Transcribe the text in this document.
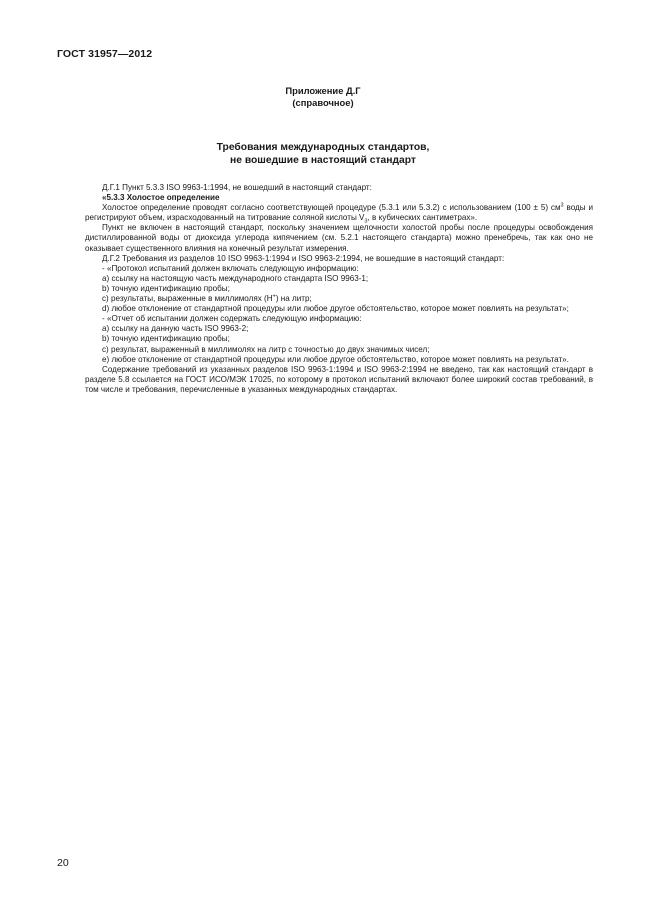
ГОСТ 31957—2012
Приложение Д.Г
(справочное)
Требования международных стандартов,
не вошедшие в настоящий стандарт

Д.Г.1 Пункт 5.3.3 ISO 9963-1:1994, не вошедший в настоящий стандарт:

«5.3.3 Холостое определение

Холостое определение проводят согласно соответствующей процедуре (5.3.1 или 5.3.2) с использованием (100 ± 5) $см^3$ воды и регистрируют объем, израсходованный на титрование соляной кислоты $V_3$, в кубических сантиметрах».

Пункт не включен в настоящий стандарт, поскольку значением щелочности холостой пробы после процедуры освобождения дистиллированной воды от диоксида углерода кипячением (см. 5.2.1 настоящего стандарта) можно пренебречь, так как оно не оказывает существенного влияния на конечный результат измерения.

Д.Г.2 Требования из разделов 10 ISO 9963-1:1994 и ISO 9963-2:1994, не вошедшие в настоящий стандарт:

- «Протокол испытаний должен включать следующую информацию:

а) ссылку на настоящую часть международного стандарта ISO 9963-1;

b) точную идентификацию пробы;

c) результаты, выраженные в миллимолях (Н+) на литр;

d) любое отклонение от стандартной процедуры или любое другое обстоятельство, которое может повлиять на результат»;

- «Отчет об испытании должен содержать следующую информацию:

а) ссылку на данную часть ISO 9963-2;

b) точную идентификацию пробы;

c) результат, выраженный в миллимолях на литр с точностью до двух значимых чисел;

e) любое отклонение от стандартной процедуры или любое другое обстоятельство, которое может повлиять на результат».

Содержание требований из указанных разделов ISO 9963-1:1994 и ISO 9963-2:1994 не введено, так как настоящий стандарт в разделе 5.8 ссылается на ГОСТ ИСО/МЭК 17025, по которому в протокол испытаний включают более широкий состав требований, в том числе и требования, перечисленные в указанных международных стандартах.

20
